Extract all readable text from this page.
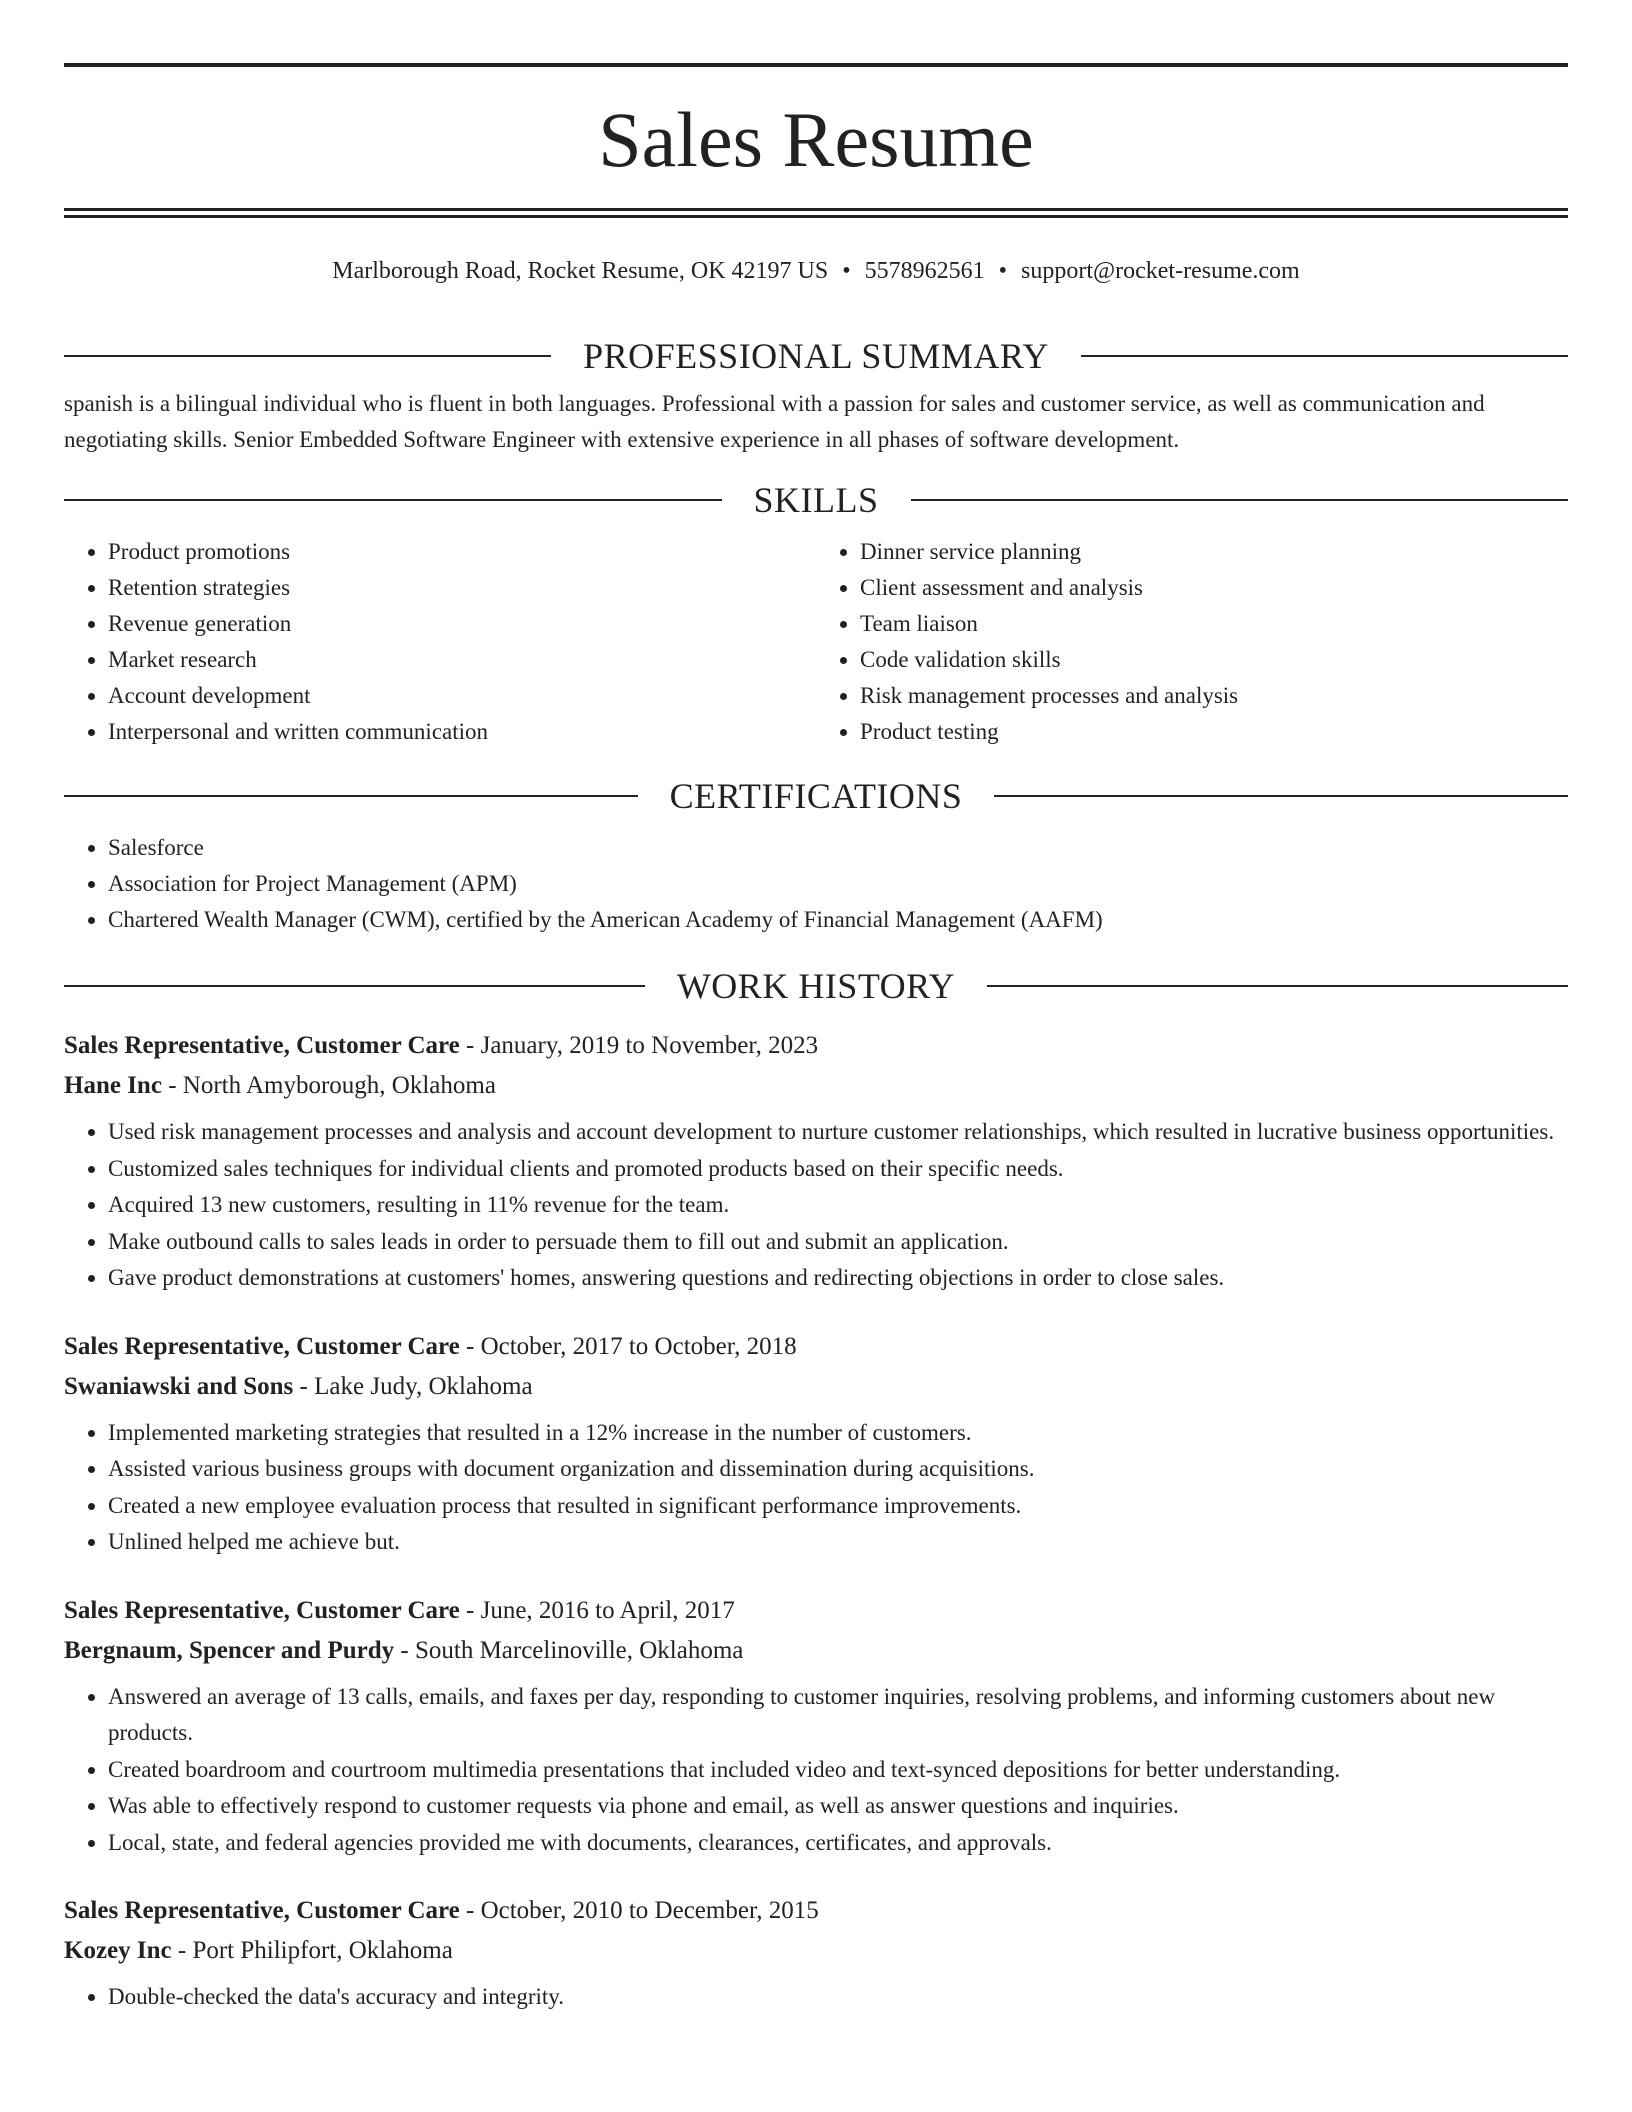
Sales Resume
Marlborough Road, Rocket Resume, OK 42197 US • 5578962561 • support@rocket-resume.com
PROFESSIONAL SUMMARY

spanish is a bilingual individual who is fluent in both languages. Professional with a passion for sales and customer service, as well as communication and negotiating skills. Senior Embedded Software Engineer with extensive experience in all phases of software development.

SKILLS
• Product promotions
• Retention strategies
• Revenue generation
• Market research
• Account development
• Interpersonal and written communication
• Dinner service planning
• Client assessment and analysis
• Team liaison
• Code validation skills
• Risk management processes and analysis
• Product testing
CERTIFICATIONS
• Salesforce
• Association for Project Management (APM)
• Chartered Wealth Manager (CWM), certified by the American Academy of Financial Management (AAFM)
WORK HISTORY
Sales Representative, Customer Care - January, 2019 to November, 2023
Hane Inc - North Amyborough, Oklahoma
• Used risk management processes and analysis and account development to nurture customer relationships, which resulted in lucrative business opportunities.
• Customized sales techniques for individual clients and promoted products based on their specific needs.
• Acquired 13 new customers, resulting in 11% revenue for the team.
• Make outbound calls to sales leads in order to persuade them to fill out and submit an application.
• Gave product demonstrations at customers' homes, answering questions and redirecting objections in order to close sales.
Sales Representative, Customer Care - October, 2017 to October, 2018
Swaniawski and Sons - Lake Judy, Oklahoma
• Implemented marketing strategies that resulted in a 12% increase in the number of customers.
• Assisted various business groups with document organization and dissemination during acquisitions.
• Created a new employee evaluation process that resulted in significant performance improvements.
• Unlined helped me achieve but.
Sales Representative, Customer Care - June, 2016 to April, 2017
Bergnaum, Spencer and Purdy - South Marcelinoville, Oklahoma
• Answered an average of 13 calls, emails, and faxes per day, responding to customer inquiries, resolving problems, and informing customers about new products.
• Created boardroom and courtroom multimedia presentations that included video and text-synced depositions for better understanding.
• Was able to effectively respond to customer requests via phone and email, as well as answer questions and inquiries.
• Local, state, and federal agencies provided me with documents, clearances, certificates, and approvals.
Sales Representative, Customer Care - October, 2010 to December, 2015
Kozey Inc - Port Philipfort, Oklahoma
• Double-checked the data's accuracy and integrity.
